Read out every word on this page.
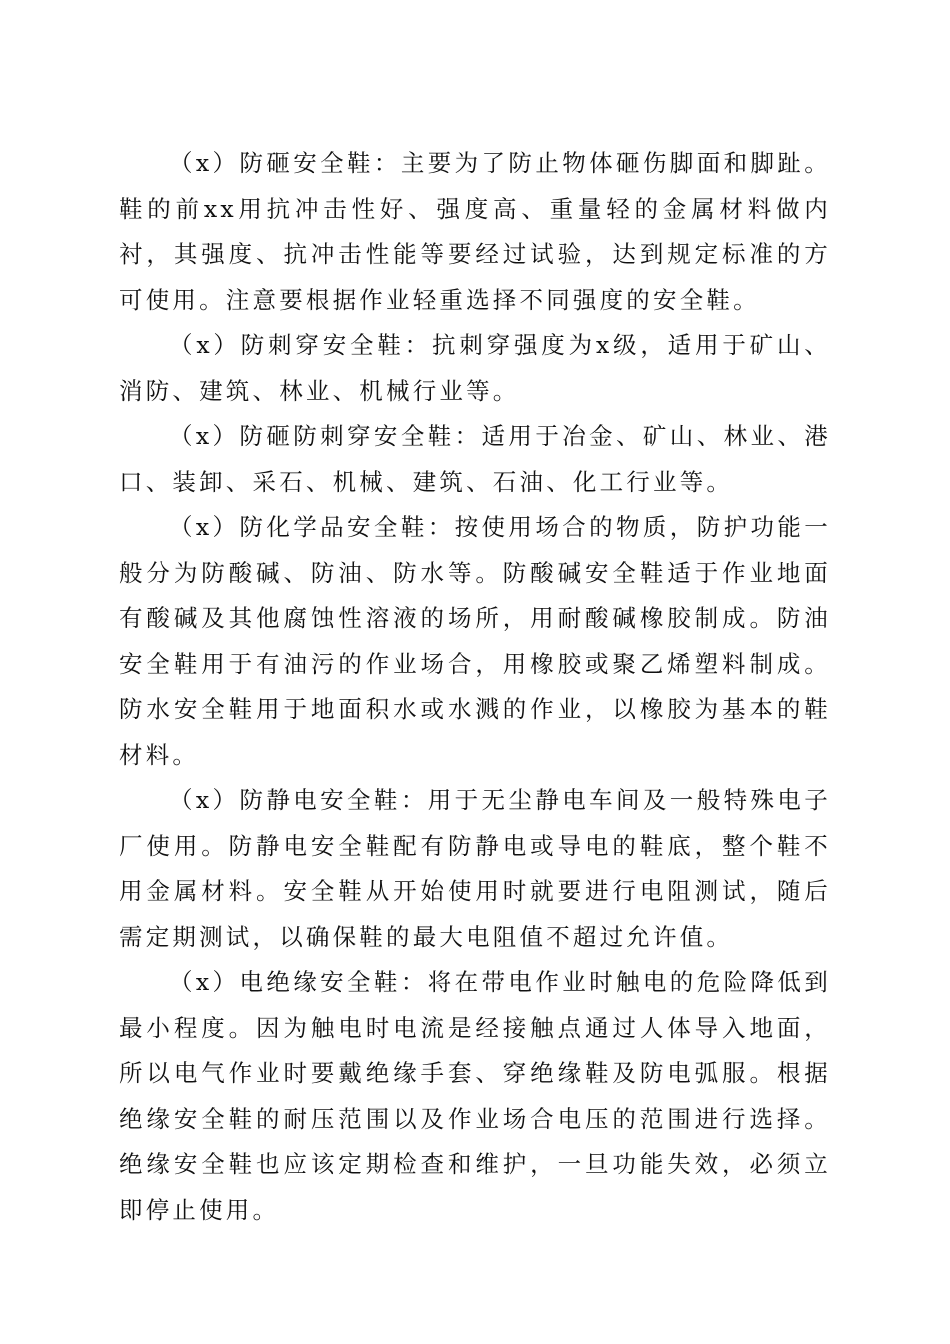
（x）防砸安全鞋：主要为了防止物体砸伤脚面和脚趾。鞋的前xx用抗冲击性好、强度高、重量轻的金属材料做内衬，其强度、抗冲击性能等要经过试验，达到规定标准的方可使用。注意要根据作业轻重选择不同强度的安全鞋。

（x）防刺穿安全鞋：抗刺穿强度为x级，适用于矿山、消防、建筑、林业、机械行业等。

（x）防砸防刺穿安全鞋：适用于冶金、矿山、林业、港口、装卸、采石、机械、建筑、石油、化工行业等。

（x）防化学品安全鞋：按使用场合的物质，防护功能一般分为防酸碱、防油、防水等。防酸碱安全鞋适于作业地面有酸碱及其他腐蚀性溶液的场所，用耐酸碱橡胶制成。防油安全鞋用于有油污的作业场合，用橡胶或聚乙烯塑料制成。防水安全鞋用于地面积水或水溅的作业，以橡胶为基本的鞋材料。

（x）防静电安全鞋：用于无尘静电车间及一般特殊电子厂使用。防静电安全鞋配有防静电或导电的鞋底，整个鞋不用金属材料。安全鞋从开始使用时就要进行电阻测试，随后需定期测试，以确保鞋的最大电阻值不超过允许值。

（x）电绝缘安全鞋：将在带电作业时触电的危险降低到最小程度。因为触电时电流是经接触点通过人体导入地面，所以电气作业时要戴绝缘手套、穿绝缘鞋及防电弧服。根据绝缘安全鞋的耐压范围以及作业场合电压的范围进行选择。绝缘安全鞋也应该定期检查和维护，一旦功能失效，必须立即停止使用。
